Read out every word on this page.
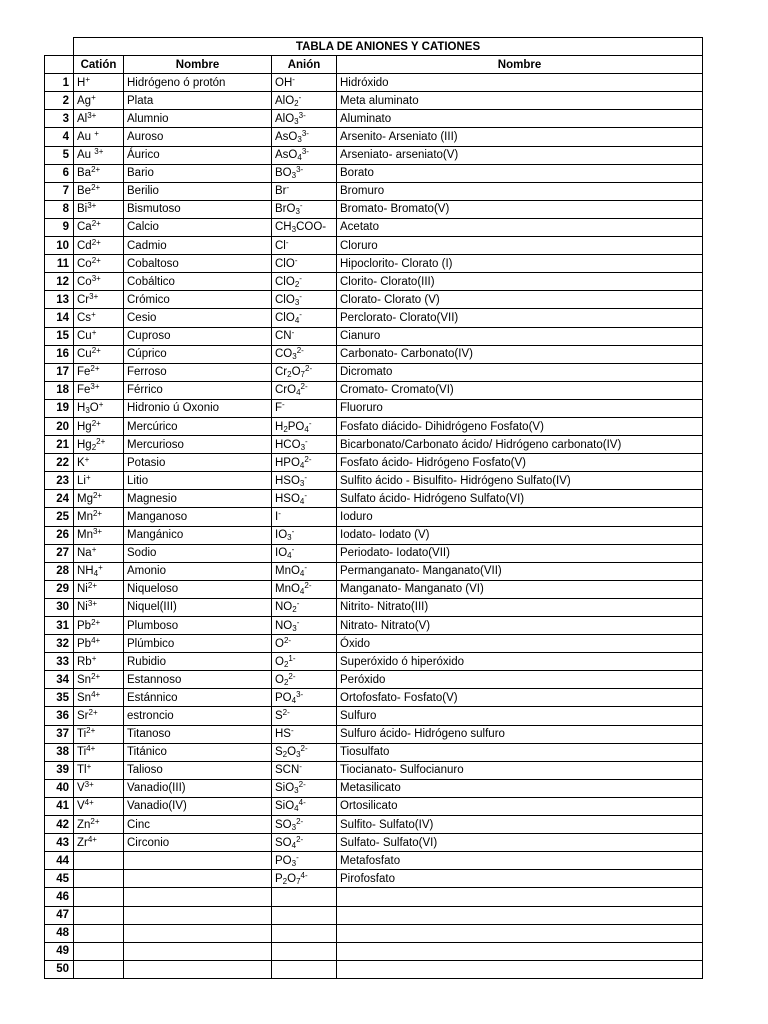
	TABLA DE ANIONES Y CATIONES			
	Catión	Nombre	Anión	Nombre
1	H+	Hidrógeno ó protón	OH-	Hidróxido
2	Ag+	Plata	AlO$_2$-	Meta aluminato
3	$Al^{3+}$	Alumnio	AlO$_3^{3-}$	Aluminato
4	Au +	Auroso	AsO$_3^{3-}$	Arsenito- Arseniato (III)
5	Au $^{3+}$	Áurico	AsO$_4^{3-}$	Arseniato- arseniato(V)
6	$Ba^{2+}$	Bario	$BO_3^{3-}$	Borato
7	$Be^{2+}$	Berilio	Br-	Bromuro
8	$Bi^{3+}$	Bismutoso	BrO$_3$-	Bromato- Bromato(V)
9	$Ca^{2+}$	Calcio	$CH_3COO-$	Acetato
10	$Cd^{2+}$	Cadmio	Cl-	Cloruro
11	$Co^{2+}$	Cobaltoso	ClO-	Hipoclorito- Clorato (I)
12	$Co^{3+}$	Cobáltico	ClO$_2$-	Clorito- Clorato(III)
13	$Cr^{3+}$	Crómico	ClO$_3$-	Clorato- Clorato (V)
14	Cs+	Cesio	ClO$_4$-	Perclorato- Clorato(VII)
15	Cu+	Cuproso	CN-	Cianuro
16	$Cu^{2+}$	Cúprico	$CO_3^{2-}$	Carbonato- Carbonato(IV)
17	$Fe^{2+}$	Ferroso	$Cr_2O_7^{2-}$	Dicromato
18	$Fe^{3+}$	Férrico	CrO$_4^{2-}$	Cromato- Cromato(VI)
19	$H_3O^+$	Hidronio ú Oxonio	F-	Fluoruro
20	$Hg^{2+}$	Mercúrico	$H_2PO_4^-$	Fosfato diácido- Dihidrógeno Fosfato(V)
21	$Hg_2^{2+}$	Mercurioso	$HCO_3^-$	Bicarbonato/Carbonato ácido/ Hidrógeno carbonato(IV)
22	K+	Potasio	$HPO_4^{2-}$	Fosfato ácido- Hidrógeno Fosfato(V)
23	Li+	Litio	$HSO_3^-$	Sulfito ácido - Bisulfito- Hidrógeno Sulfato(IV)
24	$Mg^{2+}$	Magnesio	$HSO_4^-$	Sulfato ácido- Hidrógeno Sulfato(VI)
25	$Mn^{2+}$	Manganoso	I-	Ioduro
26	$Mn^{3+}$	Mangánico	$IO_3^-$	Iodato- Iodato (V)
27	Na+	Sodio	$IO_4^-$	Periodato- Iodato(VII)
28	$NH_4^+$	Amonio	MnO$_4$-	Permanganato- Manganato(VII)
29	$Ni^{2+}$	Niqueloso	MnO$_4^{2-}$	Manganato- Manganato (VI)
30	$Ni^{3+}$	Niquel(III)	$NO_2^-$	Nitrito- Nitrato(III)
31	$Pb^{2+}$	Plumboso	$NO_3^-$	Nitrato- Nitrato(V)
32	$Pb^{4+}$	Plúmbico	$O^{2-}$	Óxido
33	Rb+	Rubidio	$O_2^{1-}$	Superóxido ó hiperóxido
34	$Sn^{2+}$	Estannoso	$O_2^{2-}$	Peróxido
35	$Sn^{4+}$	Estánnico	$PO_4^{3-}$	Ortofosfato- Fosfato(V)
36	$Sr^{2+}$	estroncio	$S^{2-}$	Sulfuro
37	$Ti^{2+}$	Titanoso	HS-	Sulfuro ácido- Hidrógeno sulfuro
38	$Ti^{4+}$	Titánico	$S_2O_3^{2-}$	Tiosulfato
39	Tl+	Talioso	SCN-	Tiocianato- Sulfocianuro
40	$V^{3+}$	Vanadio(III)	SiO$_3^{2-}$	Metasilicato
41	$V^{4+}$	Vanadio(IV)	SiO$_4^{4-}$	Ortosilicato
42	$Zn^{2+}$	Cinc	$SO_3^{2-}$	Sulfito- Sulfato(IV)
43	$Zr^{4+}$	Circonio	$SO_4^{2-}$	Sulfato- Sulfato(VI)
44			$PO_3^-$	Metafosfato
45			$P_2O_7^{4-}$	Pirofosfato
46				
47				
48				
49				
50				
